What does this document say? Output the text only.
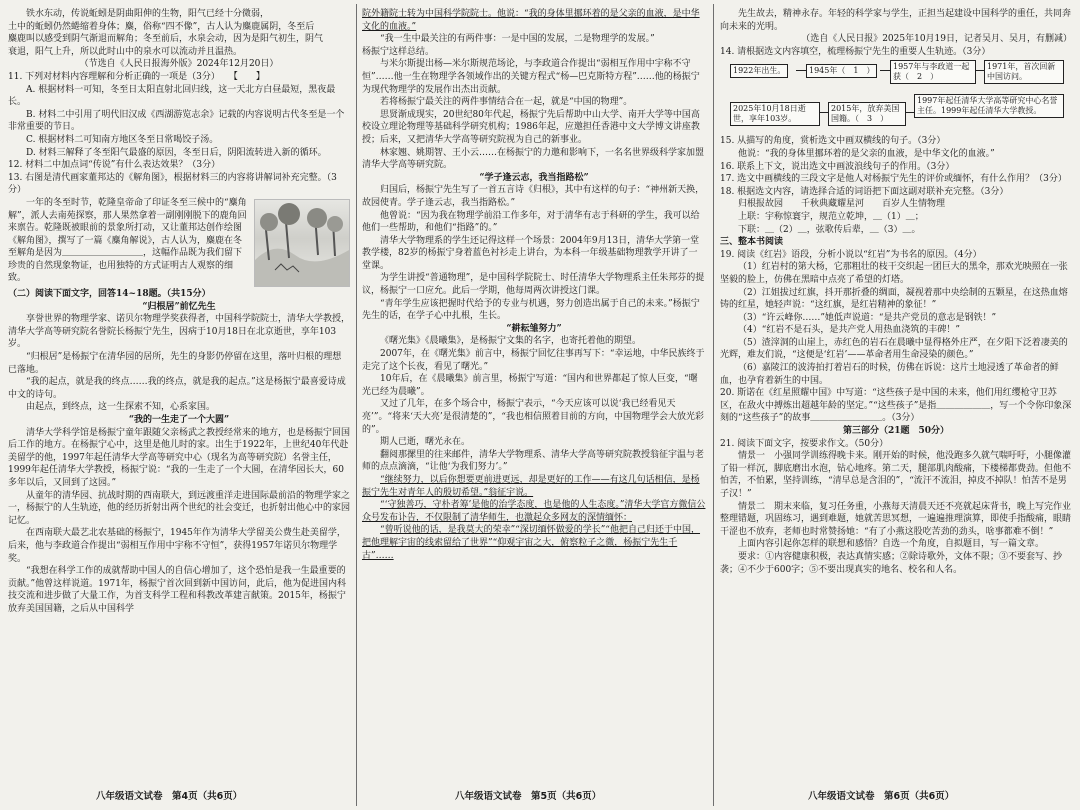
铁水东动，传说蚯蚓是阴曲阳伸的生物，阳气已经十分微弱，

土中的蚯蚓仍然蜷缩着身体；麋，俗称“四不像”，古人认为麋鹿属阴，冬至后

麋鹿叫以感受到阴气渐退而解角；冬至前后，水泉会动，因为是阳气初生，阴气

衰退，阳气上升，所以此时山中的泉水可以流动并且温热。

（节选自《人民日报海外版》2024年12月20日）

11. 下列对材料内容理解和分析正确的一项是（3分）　　【　　】

A. 根据材料一可知，冬至日太阳直射北回归线，这一天北方白昼最短，黑夜最长。

B. 材料二中引用了明代旧汉成《西湖游览志余》记载的内容说明古代冬至是一个非常重要的节日。

C. 根据材料二可知南方地区冬至日常喝饺子汤。

D. 材料三解释了冬至阳气最盛的原因，冬至日后，阴阳流转进入新的循环。

12. 材料二中加点词“传说”有什么表达效果？（3分）

13. 右图是清代画家董邦达的《解角图》，根据材料三的内容将讲解词补充完整。（3分）

一年的冬至时节，乾隆皇帝命了印证冬至三候中的“麋角解”，派人去南苑探察，那人果然拿着一副刚刚脱下的鹿角回来禀告。乾隆既被眼前的景象所打动，又让董邦达创作绘图《解角图》，撰写了一篇《麋角解说》，古人认为，麋鹿在冬至解角是因为＿＿＿＿＿＿＿＿＿，这幅作品既为我们留下珍贵的自然现象物证，也用独特的方式证明古人观察的细致。

（二）阅读下面文字，回答14~18题。（共15分）

“归根居”前忆先生

享誉世界的物理学家、诺贝尔物理学奖获得者，中国科学院院士，清华大学教授，清华大学高等研究院名誉院长杨振宁先生，因病于10月18日在北京逝世，享年103岁。

“归根居”是杨振宁在清华园的居所，先生的身影仍停留在这里，落叶归根的理想已落地。

“我的起点，就是我的终点……我的终点，就是我的起点。”这是杨振宁最喜爱诗成中文的诗句。

由起点，到终点，这一生探索不知，心系家国。

“我的一生走了一个大圆”

清华大学科学馆是杨振宁童年跟随父亲杨武之教授经常来的地方，也是杨振宁回国后工作的地方。在杨振宁心中，这里是他儿时的家。出生于1922年，上世纪40年代赴美留学的他，1997年起任清华大学高等研究中心（现名为高等研究院）名誉主任，1999年起任清华大学教授，杨振宁说：“我的一生走了一个大圆，在清华园长大，60多年以后，又回到了这园。”

从童年的清华园、抗战时期的西南联大，到远渡重洋走进国际最前沿的物理学家之一，杨振宁的人生轨迹，他的经历折射出两个世纪的社会变迁，也折射出他心中的家园记忆。

在西南联大最艺北农基础的杨振宁，1945年作为清华大学留美公费生赴美留学，后来，他与李政道合作提出“弱相互作用中宇称不守恒”，获得1957年诺贝尔物理学奖。

“我想在科学工作的成就帮助中国人的自信心增加了，这个恐怕是我一生最重要的贡献。”他曾这样说道。1971年，杨振宁首次回到新中国访问，此后，他为促进国内科技交流和进步做了大量工作，为首支科学工程和科教改革建言献策。2015年，杨振宁放弃美国国籍，之后从中国科学

院外籍院士转为中国科学院院士。他说：“我的身体里挪环着的是父亲的血液，是中华文化的血液。”

“我一生中最关注的有两件事：一是中国的发展，二是物理学的发展。”

杨振宁这样总结。

与米尔斯提出杨—米尔斯规范场论，与李政道合作提出“弱相互作用中宇称不守恒”……他一生在物理学各领域作出的关键方程式“杨—巴克斯特方程”……他的杨振宁为现代物理学的发展作出杰出贡献。

若将杨振宁最关注的两件事情结合在一起，就是“中国的物理”。

思贤渐成现实，20世纪80年代起，杨振宁先后帮助中山大学、南开大学等中国高校设立理论物理等基础科学研究机构；1986年起，应邀担任香港中文大学博文讲座教授；后来，又把清华大学高等研究院视为自己的新事业。

林家翘、姚期智、王小云……在杨振宁的力邀和影响下，一名名世界级科学家加盟清华大学高等研究院。

“学子逢云志，我当指路松”

归国后，杨振宁先生写了一首五言诗《归根》，其中有这样的句子：“神州新天换，故园使青。学子逢云志，我当指路松。”

他曾说：“因为我在物理学前沿工作多年，对于清华有志于科研的学生，我可以给他们一些帮助，和他们“指路”的。”

清华大学物理系的学生还记得这样一个场景：2004年9月13日，清华大学第一堂教学楼，82岁的杨振宁身着蓝色衬衫走上讲台，为本科一年级基础物理教学开讲了一堂课。

为学生讲授“普通物理”，是中国科学院院士、时任清华大学物理系主任朱邦芬的提议，杨振宁一口应允。此后一学期，他每周两次讲授这门课。

“青年学生应该把握时代给予的专业与机遇，努力创造出属于自己的未来。”杨振宁先生的话，在学子心中扎根，生长。

“耕耘雏努力”

《曙光集》《晨曦集》，是杨振宁文集的名字，也寄托着他的期望。

2007年，在《曙光集》前言中，杨振宁回忆往事再写下：“幸运地，中华民族终于走完了这个长夜，看见了曙光。”

10年后，在《晨曦集》前言里，杨振宁写道：“国内和世界都起了惊人巨变，“曙光已经为晨曦”。

又过了几年，在多个场合中，杨振宁表示，“今天应该可以说‘我已经看见天亮’”。“将来‘天大亮’是很清楚的”，“我也相信照着目前的方向，中国物理学会大放光彩的”。

期人已逝，曙光永在。

翻阅那摞里的往来邮件，清华大学物理系、清华大学高等研究院教授翁征宇温与老师的点点滴滴，“让他‘为我们努力’。”

“继续努力，以后你想要更前进更远，却是更好的工作——有这几句话相信，是杨振宁先生对青年人的殷切希望。”翁征宇说。

“‘守独善巧，守朴者筹’是他的治学态度，也是他的人生态度。”清华大学官方微信公众号发布讣告，不仅限制了清华师生，也激起众多网友的深情缅怀：

“曾听说他的话，是我莫大的荣幸”“深切缅怀做爱的学长”“他把自己归还于中国，把他理解宇宙的线索留给了世界”“仰观宇宙之大，俯察粒子之微，杨振宁先生千古”……

先生故去，精神永存。年轻的科学家与学生，正担当起建设中国科学的重任，共同奔向未来的光明。

（选自《人民日报》2025年10月19日，记者吴月、吴月，有删减）

14. 请根据选文内容填空，梳理杨振宁先生的重要人生轨迹。（3分）

1922年出生。	1945年（　1　）	1957年与李政道一起获（　2　）
1971年，首次回新中国访问。
2025年10月18日逝世，享年103岁。
2015年，放弃美国国籍。（　3　）
1997年起任清华大学高等研究中心名誉主任。1999年起任清华大学教授。

15. 从描写的角度，赏析选文中画双横线的句子。（3分）

他说：“我的身体里挪环着的是父亲的血液，是中华文化的血液。”

16. 联系上下文，说出选文中画波浪线句子的作用。（3分）

17. 选文中画横线的三段文字是他人对杨振宁先生的评价或缅怀，有什么作用？（3分）

18. 根据选文内容，请选择合适的词语把下面这副对联补充完整。（3分）

归根报故园　　千秋典藏耀星河　　百岁人生情物理

上联：宇称惊寰宇，规范立乾坤，＿（1）＿；

下联：＿（2）＿，弦歌传后辈，＿（3）＿。

三、整本书阅读

19. 阅读《红岩》语段，分析小说以“红岩”为书名的原因。（4分）

（1）红岩村的第大杨，它那粗壮的枝干交织起一团巨大的黑伞，那欢光映照在一张坚毅的脸上，仿佛在黑暗中点亮了希望的灯塔。

（2）江姐拔过红旗，抖开那折叠的绸面，凝视着那中央绘制的五颗星，在这热血熔铸的红星，她轻声说：“这红旗，是红岩精神的象征！”

（3）“许云峰你……”她低声说道：“是共产党员的意志是钢铁！”

（4）“红岩不是石头，是共产党人用热血浇筑的丰碑！”

（5）渣滓洞的山崖上，赤红色的岩石在晨曦中显得格外庄严，在夕阳下泛着凄美的光辉，难友们说，“这便是‘红岩’——革命者用生命浸染的颜色。”

（6）嘉陵江的波涛拍打着岩石的时候，仿佛在诉说：这片土地浸透了革命者的鲜血，也孕育着新生的中国。

20. 斯诺在《红星照耀中国》中写道：“这些孩子是中国的未来，他们用红缨枪守卫苏区，在敌火中搏炼出超越年龄的坚定。”“这些孩子”是指＿＿＿＿＿＿，写一个令你印象深刻的“这些孩子”的故事＿＿＿＿＿＿＿＿。（3分）

第三部分（21题　50分）

21. 阅读下面文字，按要求作文。（50分）

情景一　小强同学训练得晚卡来。刚开始的时候，他没跑多久就气喘吁吁，小腿像灌了铅一样沉，脚底磨出水泡，钻心地疼。第二天，腿部肌肉酸痛，下楼梯都费劲。但他不怕苦，不怕累，坚持训练，“清早总是含泪的”，“流汗不流泪，掉皮不掉队！怕苦不是男子汉！”

情景二　期末来临，复习任务重，小燕每天清晨天还不亮就起床背书，晚上写完作业整理错题，巩固练习，遇到难题，她就苦思冥想，一遍遍推理演算，即使手指酸痛，眼睛干涩也不放弃，老师也时常赞扬她：“有了小燕这股吃苦劲的劲头，啥事都难不倒！”

上面内容引起你怎样的联想和感悟？自选一个角度，自拟题目，写一篇文章。

要求：①内容健康积极，表达真情实感；②除诗歌外，文体不限；③不要套写、抄袭；④不少于600字；⑤不要出现真实的地名、校名和人名。

八年级语文试卷　第4页（共6页）	八年级语文试卷　第5页（共6页）	八年级语文试卷　第6页（共6页）
